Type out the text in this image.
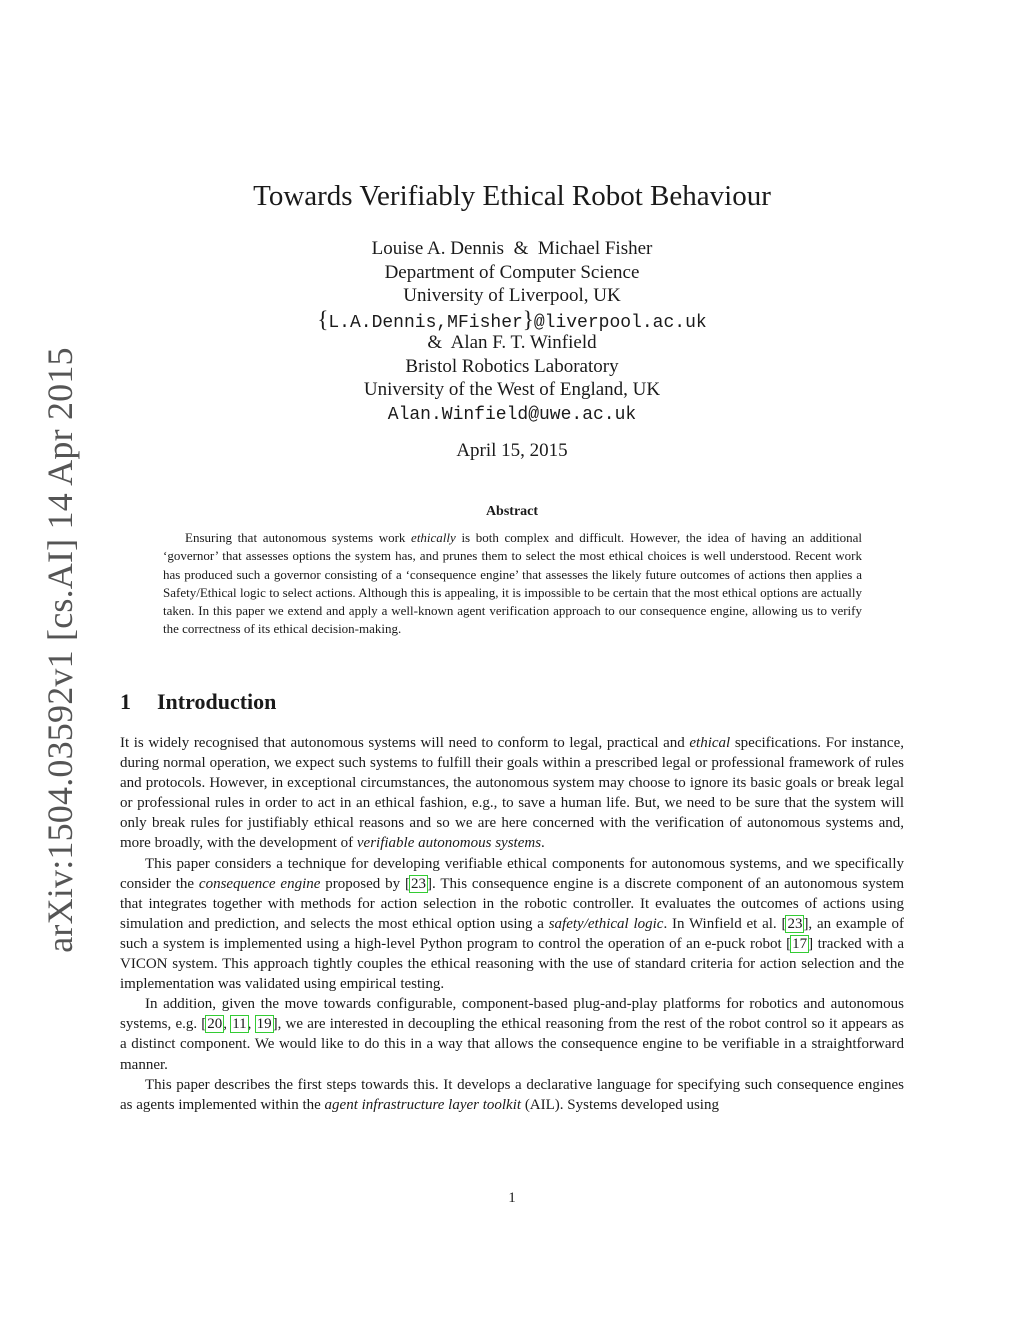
arXiv:1504.03592v1 [cs.AI] 14 Apr 2015
Towards Verifiably Ethical Robot Behaviour
Louise A. Dennis & Michael Fisher
Department of Computer Science
University of Liverpool, UK
{L.A.Dennis,MFisher}@liverpool.ac.uk
& Alan F. T. Winfield
Bristol Robotics Laboratory
University of the West of England, UK
Alan.Winfield@uwe.ac.uk
April 15, 2015
Abstract
Ensuring that autonomous systems work ethically is both complex and difficult. However, the idea of having an additional ‘governor’ that assesses options the system has, and prunes them to select the most ethical choices is well understood. Recent work has produced such a governor consisting of a ‘consequence engine’ that assesses the likely future outcomes of actions then applies a Safety/Ethical logic to select actions. Although this is appealing, it is impossible to be certain that the most ethical options are actually taken. In this paper we extend and apply a well-known agent verification approach to our consequence engine, allowing us to verify the correctness of its ethical decision-making.
1 Introduction

It is widely recognised that autonomous systems will need to conform to legal, practical and ethical specifications. For instance, during normal operation, we expect such systems to fulfill their goals within a prescribed legal or professional framework of rules and protocols. However, in exceptional circumstances, the autonomous system may choose to ignore its basic goals or break legal or professional rules in order to act in an ethical fashion, e.g., to save a human life. But, we need to be sure that the system will only break rules for justifiably ethical reasons and so we are here concerned with the verification of autonomous systems and, more broadly, with the development of verifiable autonomous systems.

This paper considers a technique for developing verifiable ethical components for autonomous systems, and we specifically consider the consequence engine proposed by [23]. This consequence engine is a discrete component of an autonomous system that integrates together with methods for action selection in the robotic controller. It evaluates the outcomes of actions using simulation and prediction, and selects the most ethical option using a safety/ethical logic. In Winfield et al. [23], an example of such a system is implemented using a high-level Python program to control the operation of an e-puck robot [17] tracked with a VICON system. This approach tightly couples the ethical reasoning with the use of standard criteria for action selection and the implementation was validated using empirical testing.

In addition, given the move towards configurable, component-based plug-and-play platforms for robotics and autonomous systems, e.g. [20, 11, 19], we are interested in decoupling the ethical reasoning from the rest of the robot control so it appears as a distinct component. We would like to do this in a way that allows the consequence engine to be verifiable in a straightforward manner.

This paper describes the first steps towards this. It develops a declarative language for specifying such consequence engines as agents implemented within the agent infrastructure layer toolkit (AIL). Systems developed using

1
